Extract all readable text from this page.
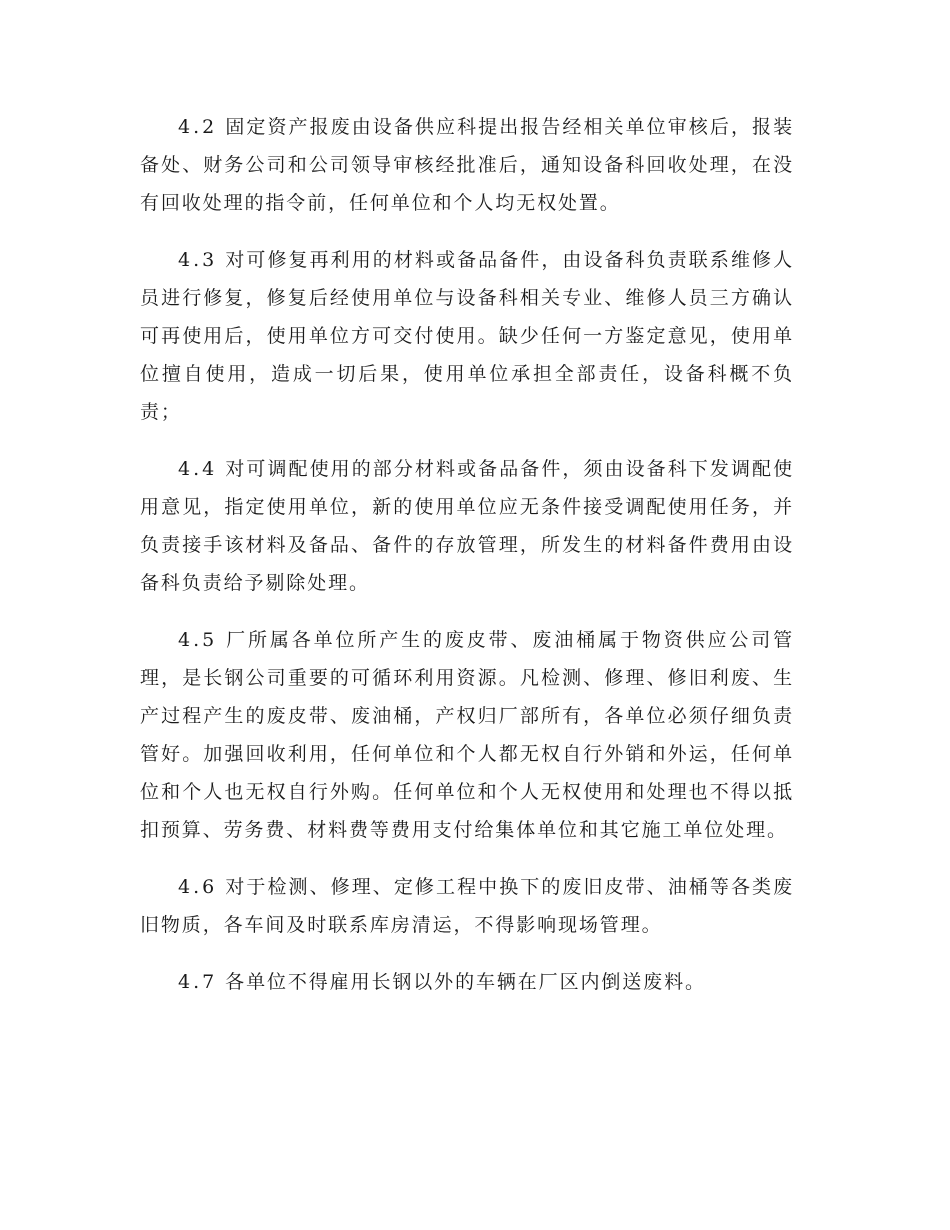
4.2 固定资产报废由设备供应科提出报告经相关单位审核后，报装备处、财务公司和公司领导审核经批准后，通知设备科回收处理，在没有回收处理的指令前，任何单位和个人均无权处置。

4.3 对可修复再利用的材料或备品备件，由设备科负责联系维修人员进行修复，修复后经使用单位与设备科相关专业、维修人员三方确认可再使用后，使用单位方可交付使用。缺少任何一方鉴定意见，使用单位擅自使用，造成一切后果，使用单位承担全部责任，设备科概不负责；

4.4 对可调配使用的部分材料或备品备件，须由设备科下发调配使用意见，指定使用单位，新的使用单位应无条件接受调配使用任务，并负责接手该材料及备品、备件的存放管理，所发生的材料备件费用由设备科负责给予剔除处理。

4.5 厂所属各单位所产生的废皮带、废油桶属于物资供应公司管理，是长钢公司重要的可循环利用资源。凡检测、修理、修旧利废、生产过程产生的废皮带、废油桶，产权归厂部所有，各单位必须仔细负责管好。加强回收利用，任何单位和个人都无权自行外销和外运，任何单位和个人也无权自行外购。任何单位和个人无权使用和处理也不得以抵扣预算、劳务费、材料费等费用支付给集体单位和其它施工单位处理。

4.6 对于检测、修理、定修工程中换下的废旧皮带、油桶等各类废旧物质，各车间及时联系库房清运，不得影响现场管理。

4.7 各单位不得雇用长钢以外的车辆在厂区内倒送废料。
